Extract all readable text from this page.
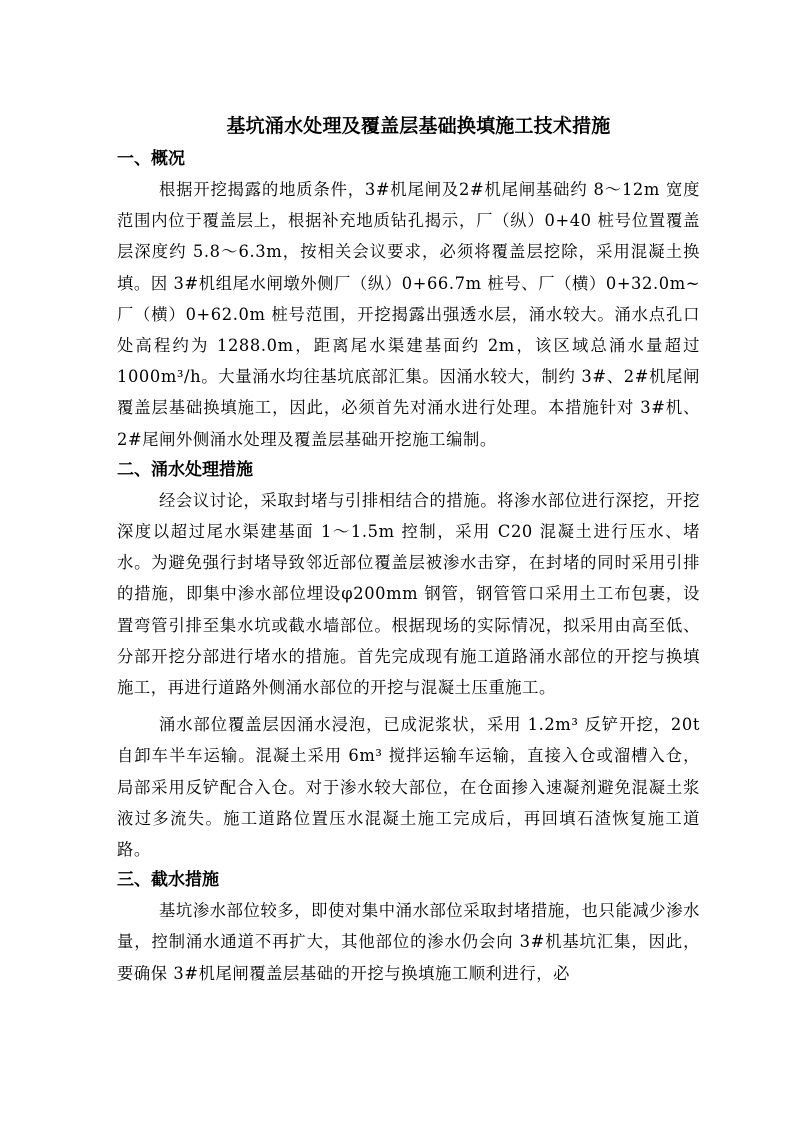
基坑涌水处理及覆盖层基础换填施工技术措施
一、概况

根据开挖揭露的地质条件，3#机尾闸及2#机尾闸基础约 8～12m 宽度范围内位于覆盖层上，根据补充地质钻孔揭示，厂（纵）0+40 桩号位置覆盖层深度约 5.8～6.3m，按相关会议要求，必须将覆盖层挖除，采用混凝土换填。因 3#机组尾水闸墩外侧厂（纵）0+66.7m 桩号、厂（横）0+32.0m~厂（横）0+62.0m 桩号范围，开挖揭露出强透水层，涌水较大。涌水点孔口处高程约为 1288.0m，距离尾水渠建基面约 2m，该区域总涌水量超过 1000m³/h。大量涌水均往基坑底部汇集。因涌水较大，制约 3#、2#机尾闸覆盖层基础换填施工，因此，必须首先对涌水进行处理。本措施针对 3#机、2#尾闸外侧涌水处理及覆盖层基础开挖施工编制。

二、涌水处理措施

经会议讨论，采取封堵与引排相结合的措施。将渗水部位进行深挖，开挖深度以超过尾水渠建基面 1～1.5m 控制，采用 C20 混凝土进行压水、堵水。为避免强行封堵导致邻近部位覆盖层被渗水击穿，在封堵的同时采用引排的措施，即集中渗水部位埋设φ200mm 钢管，钢管管口采用土工布包裹，设置弯管引排至集水坑或截水墙部位。根据现场的实际情况，拟采用由高至低、分部开挖分部进行堵水的措施。首先完成现有施工道路涌水部位的开挖与换填施工，再进行道路外侧涌水部位的开挖与混凝土压重施工。

涌水部位覆盖层因涌水浸泡，已成泥浆状，采用 1.2m³ 反铲开挖，20t 自卸车半车运输。混凝土采用 6m³ 搅拌运输车运输，直接入仓或溜槽入仓，局部采用反铲配合入仓。对于渗水较大部位，在仓面掺入速凝剂避免混凝土浆液过多流失。施工道路位置压水混凝土施工完成后，再回填石渣恢复施工道路。

三、截水措施

基坑渗水部位较多，即使对集中涌水部位采取封堵措施，也只能减少渗水量，控制涌水通道不再扩大，其他部位的渗水仍会向 3#机基坑汇集，因此，要确保 3#机尾闸覆盖层基础的开挖与换填施工顺利进行，必
